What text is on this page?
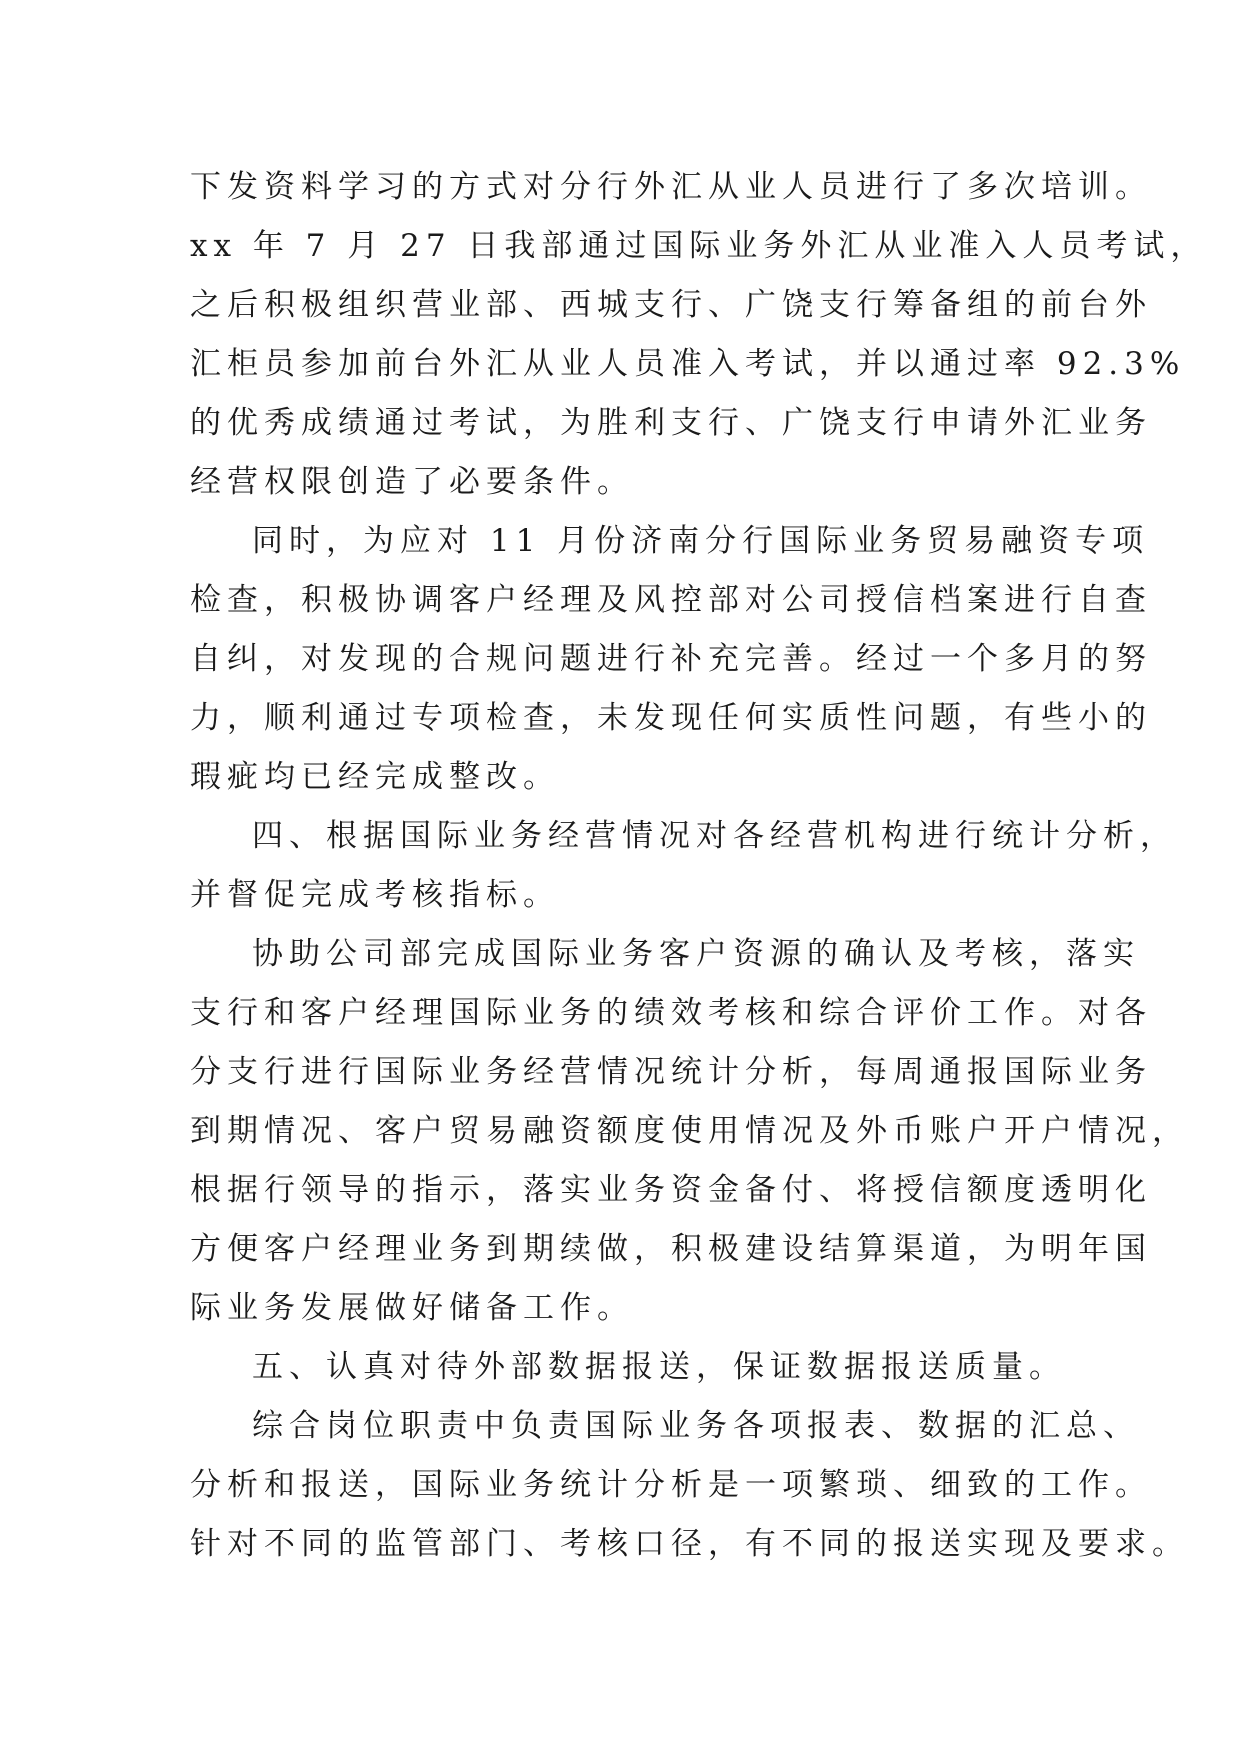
下发资料学习的方式对分行外汇从业人员进行了多次培训。
xx 年 7 月 27 日我部通过国际业务外汇从业准入人员考试，
之后积极组织营业部、西城支行、广饶支行筹备组的前台外
汇柜员参加前台外汇从业人员准入考试，并以通过率 92.3%
的优秀成绩通过考试，为胜利支行、广饶支行申请外汇业务
经营权限创造了必要条件。
同时，为应对 11 月份济南分行国际业务贸易融资专项
检查，积极协调客户经理及风控部对公司授信档案进行自查
自纠，对发现的合规问题进行补充完善。经过一个多月的努
力，顺利通过专项检查，未发现任何实质性问题，有些小的
瑕疵均已经完成整改。
四、根据国际业务经营情况对各经营机构进行统计分析，
并督促完成考核指标。
协助公司部完成国际业务客户资源的确认及考核，落实
支行和客户经理国际业务的绩效考核和综合评价工作。对各
分支行进行国际业务经营情况统计分析，每周通报国际业务
到期情况、客户贸易融资额度使用情况及外币账户开户情况，
根据行领导的指示，落实业务资金备付、将授信额度透明化
方便客户经理业务到期续做，积极建设结算渠道，为明年国
际业务发展做好储备工作。
五、认真对待外部数据报送，保证数据报送质量。
综合岗位职责中负责国际业务各项报表、数据的汇总、
分析和报送，国际业务统计分析是一项繁琐、细致的工作。
针对不同的监管部门、考核口径，有不同的报送实现及要求。
